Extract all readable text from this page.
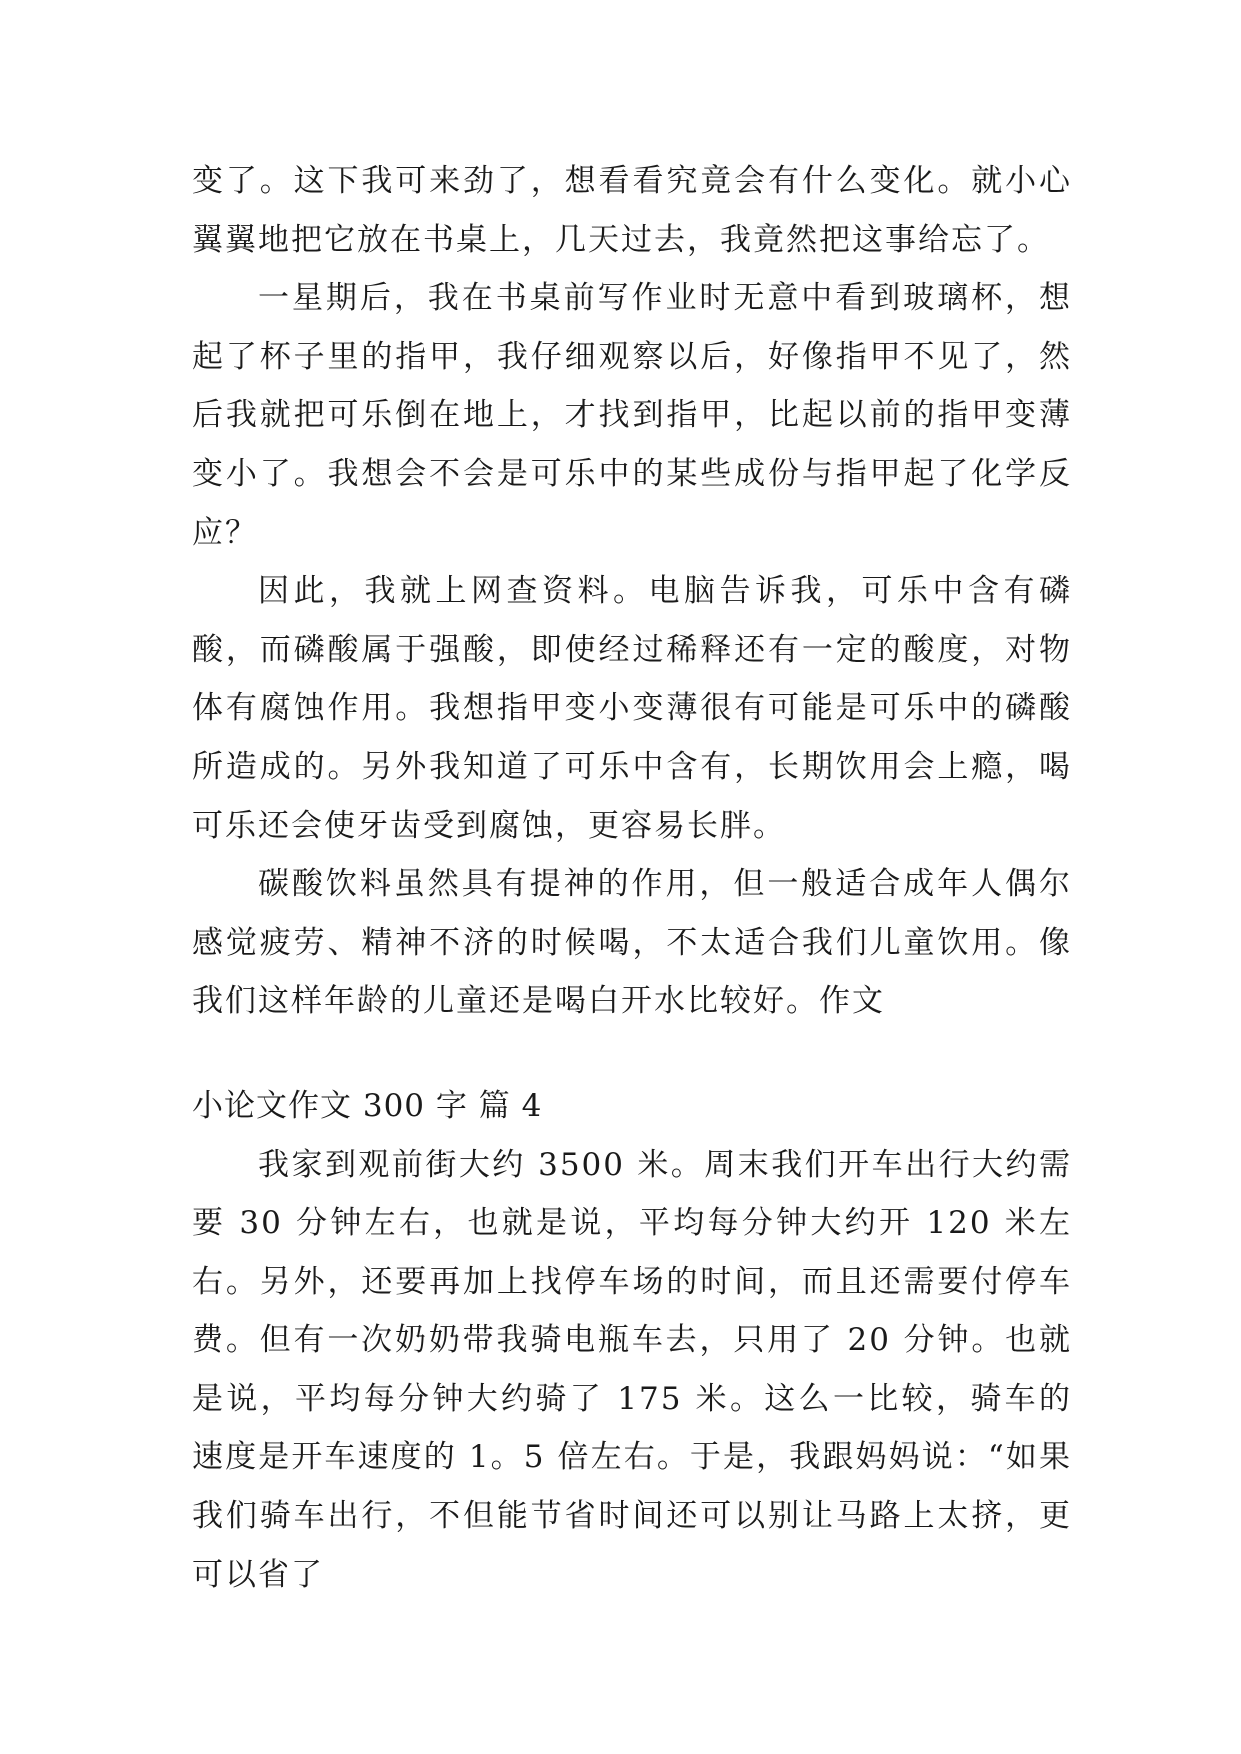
变了。这下我可来劲了，想看看究竟会有什么变化。就小心翼翼地把它放在书桌上，几天过去，我竟然把这事给忘了。

一星期后，我在书桌前写作业时无意中看到玻璃杯，想起了杯子里的指甲，我仔细观察以后，好像指甲不见了，然后我就把可乐倒在地上，才找到指甲，比起以前的指甲变薄变小了。我想会不会是可乐中的某些成份与指甲起了化学反应？

因此，我就上网查资料。电脑告诉我，可乐中含有磷酸，而磷酸属于强酸，即使经过稀释还有一定的酸度，对物体有腐蚀作用。我想指甲变小变薄很有可能是可乐中的磷酸所造成的。另外我知道了可乐中含有，长期饮用会上瘾，喝可乐还会使牙齿受到腐蚀，更容易长胖。

碳酸饮料虽然具有提神的作用，但一般适合成年人偶尔感觉疲劳、精神不济的时候喝，不太适合我们儿童饮用。像我们这样年龄的儿童还是喝白开水比较好。作文

小论文作文 300 字 篇 4

我家到观前街大约 3500 米。周末我们开车出行大约需要 30 分钟左右，也就是说，平均每分钟大约开 120 米左右。另外，还要再加上找停车场的时间，而且还需要付停车费。但有一次奶奶带我骑电瓶车去，只用了 20 分钟。也就是说，平均每分钟大约骑了 175 米。这么一比较，骑车的速度是开车速度的 1。5 倍左右。于是，我跟妈妈说：“如果我们骑车出行，不但能节省时间还可以别让马路上太挤，更可以省了
